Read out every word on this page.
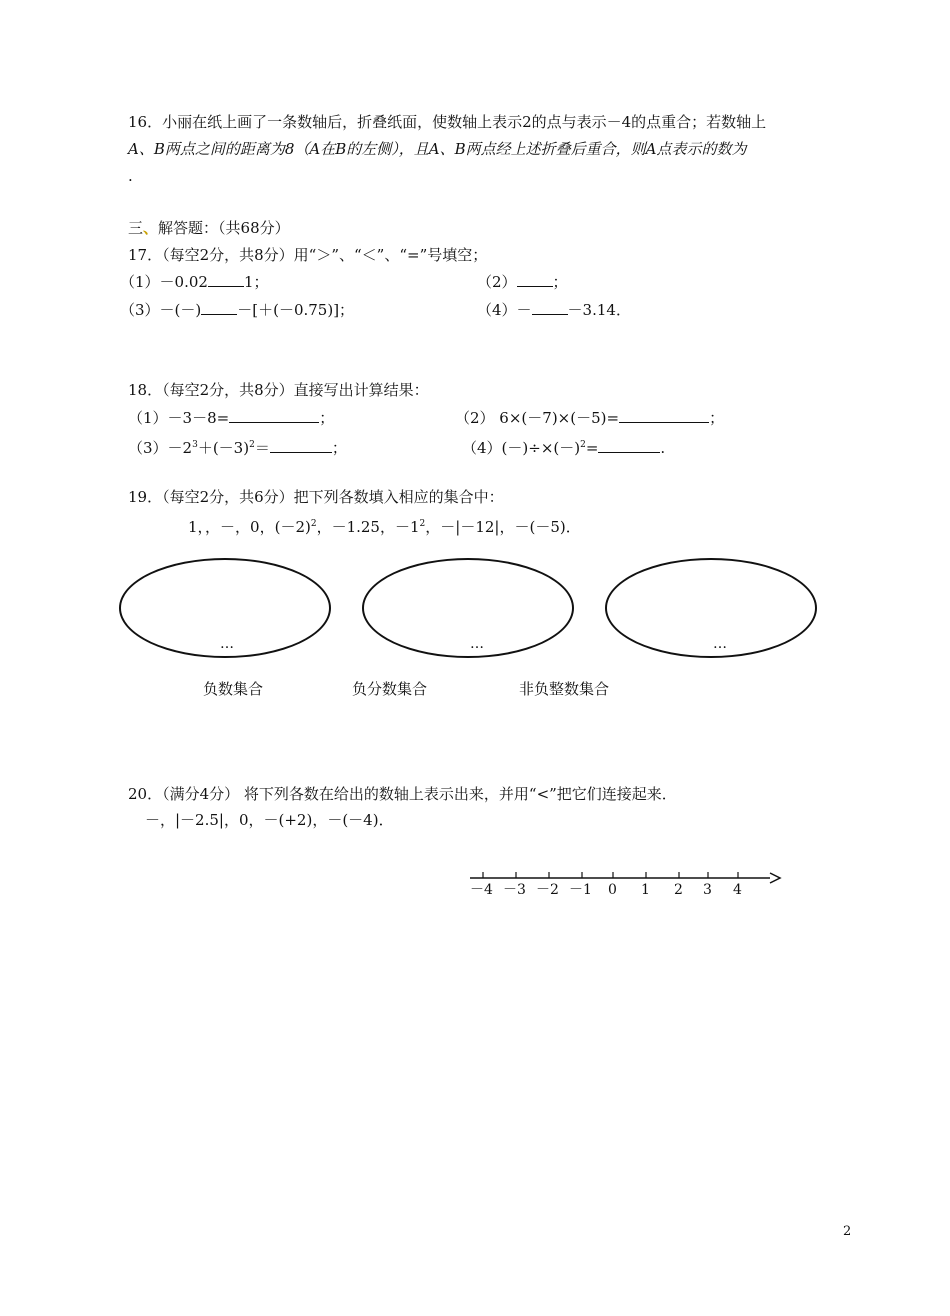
16．小丽在纸上画了一条数轴后，折叠纸面，使数轴上表示2的点与表示－4的点重合；若数轴上
A、B两点之间的距离为8（A在B的左侧），且A、B两点经上述折叠后重合，则A点表示的数为
.
三、解答题：（共68分）
17．（每空2分，共8分）用“＞”、“＜”、“=”号填空；
（1）－0.02 1；	（2） ；
（3）－(－) －[＋(－0.75)]；	（4）－ －3.14．
18．（每空2分，共8分）直接写出计算结果：
（1）－3－8=	；	（2） 6×(－7)×(－5)=	；
$(3)-2^3+(-3)^2=$	；	$(4)(-)\div\times(-)^2=$	.
19．（每空2分，共6分）把下列各数填入相应的集合中：
1，，－，0，$(-2)^2$，－1.25，$-1^2$，－|－12|，－(－5)．
…	…	…
负数集合	负分数集合	非负整数集合
20．（满分4分） 将下列各数在给出的数轴上表示出来，并用“<”把它们连接起来．
－，|－2.5|，0，－(+2)，－(－4)．
－4 －3 －2 －1 0 1 2 3 4
2
